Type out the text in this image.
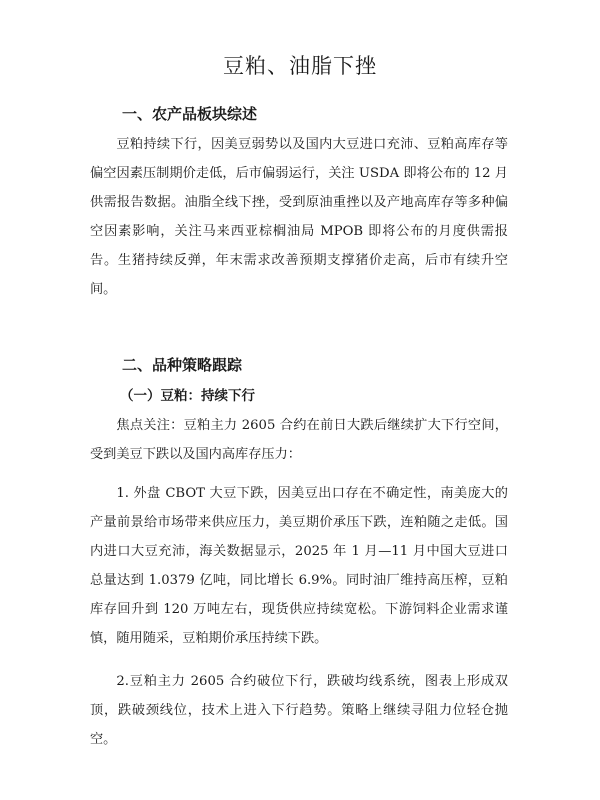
豆粕、油脂下挫
一、农产品板块综述

豆粕持续下行，因美豆弱势以及国内大豆进口充沛、豆粕高库存等偏空因素压制期价走低，后市偏弱运行，关注 USDA 即将公布的 12 月供需报告数据。油脂全线下挫，受到原油重挫以及产地高库存等多种偏空因素影响，关注马来西亚棕榈油局 MPOB 即将公布的月度供需报告。生猪持续反弹，年末需求改善预期支撑猪价走高，后市有续升空间。

二、品种策略跟踪
（一）豆粕：持续下行

焦点关注：豆粕主力 2605 合约在前日大跌后继续扩大下行空间，受到美豆下跌以及国内高库存压力：

1. 外盘 CBOT 大豆下跌，因美豆出口存在不确定性，南美庞大的产量前景给市场带来供应压力，美豆期价承压下跌，连粕随之走低。国内进口大豆充沛，海关数据显示，2025 年 1 月—11 月中国大豆进口总量达到 1.0379 亿吨，同比增长 6.9%。同时油厂维持高压榨，豆粕库存回升到 120 万吨左右，现货供应持续宽松。下游饲料企业需求谨慎，随用随采，豆粕期价承压持续下跌。

2.豆粕主力 2605 合约破位下行，跌破均线系统，图表上形成双顶，跌破颈线位，技术上进入下行趋势。策略上继续寻阻力位轻仓抛空。
